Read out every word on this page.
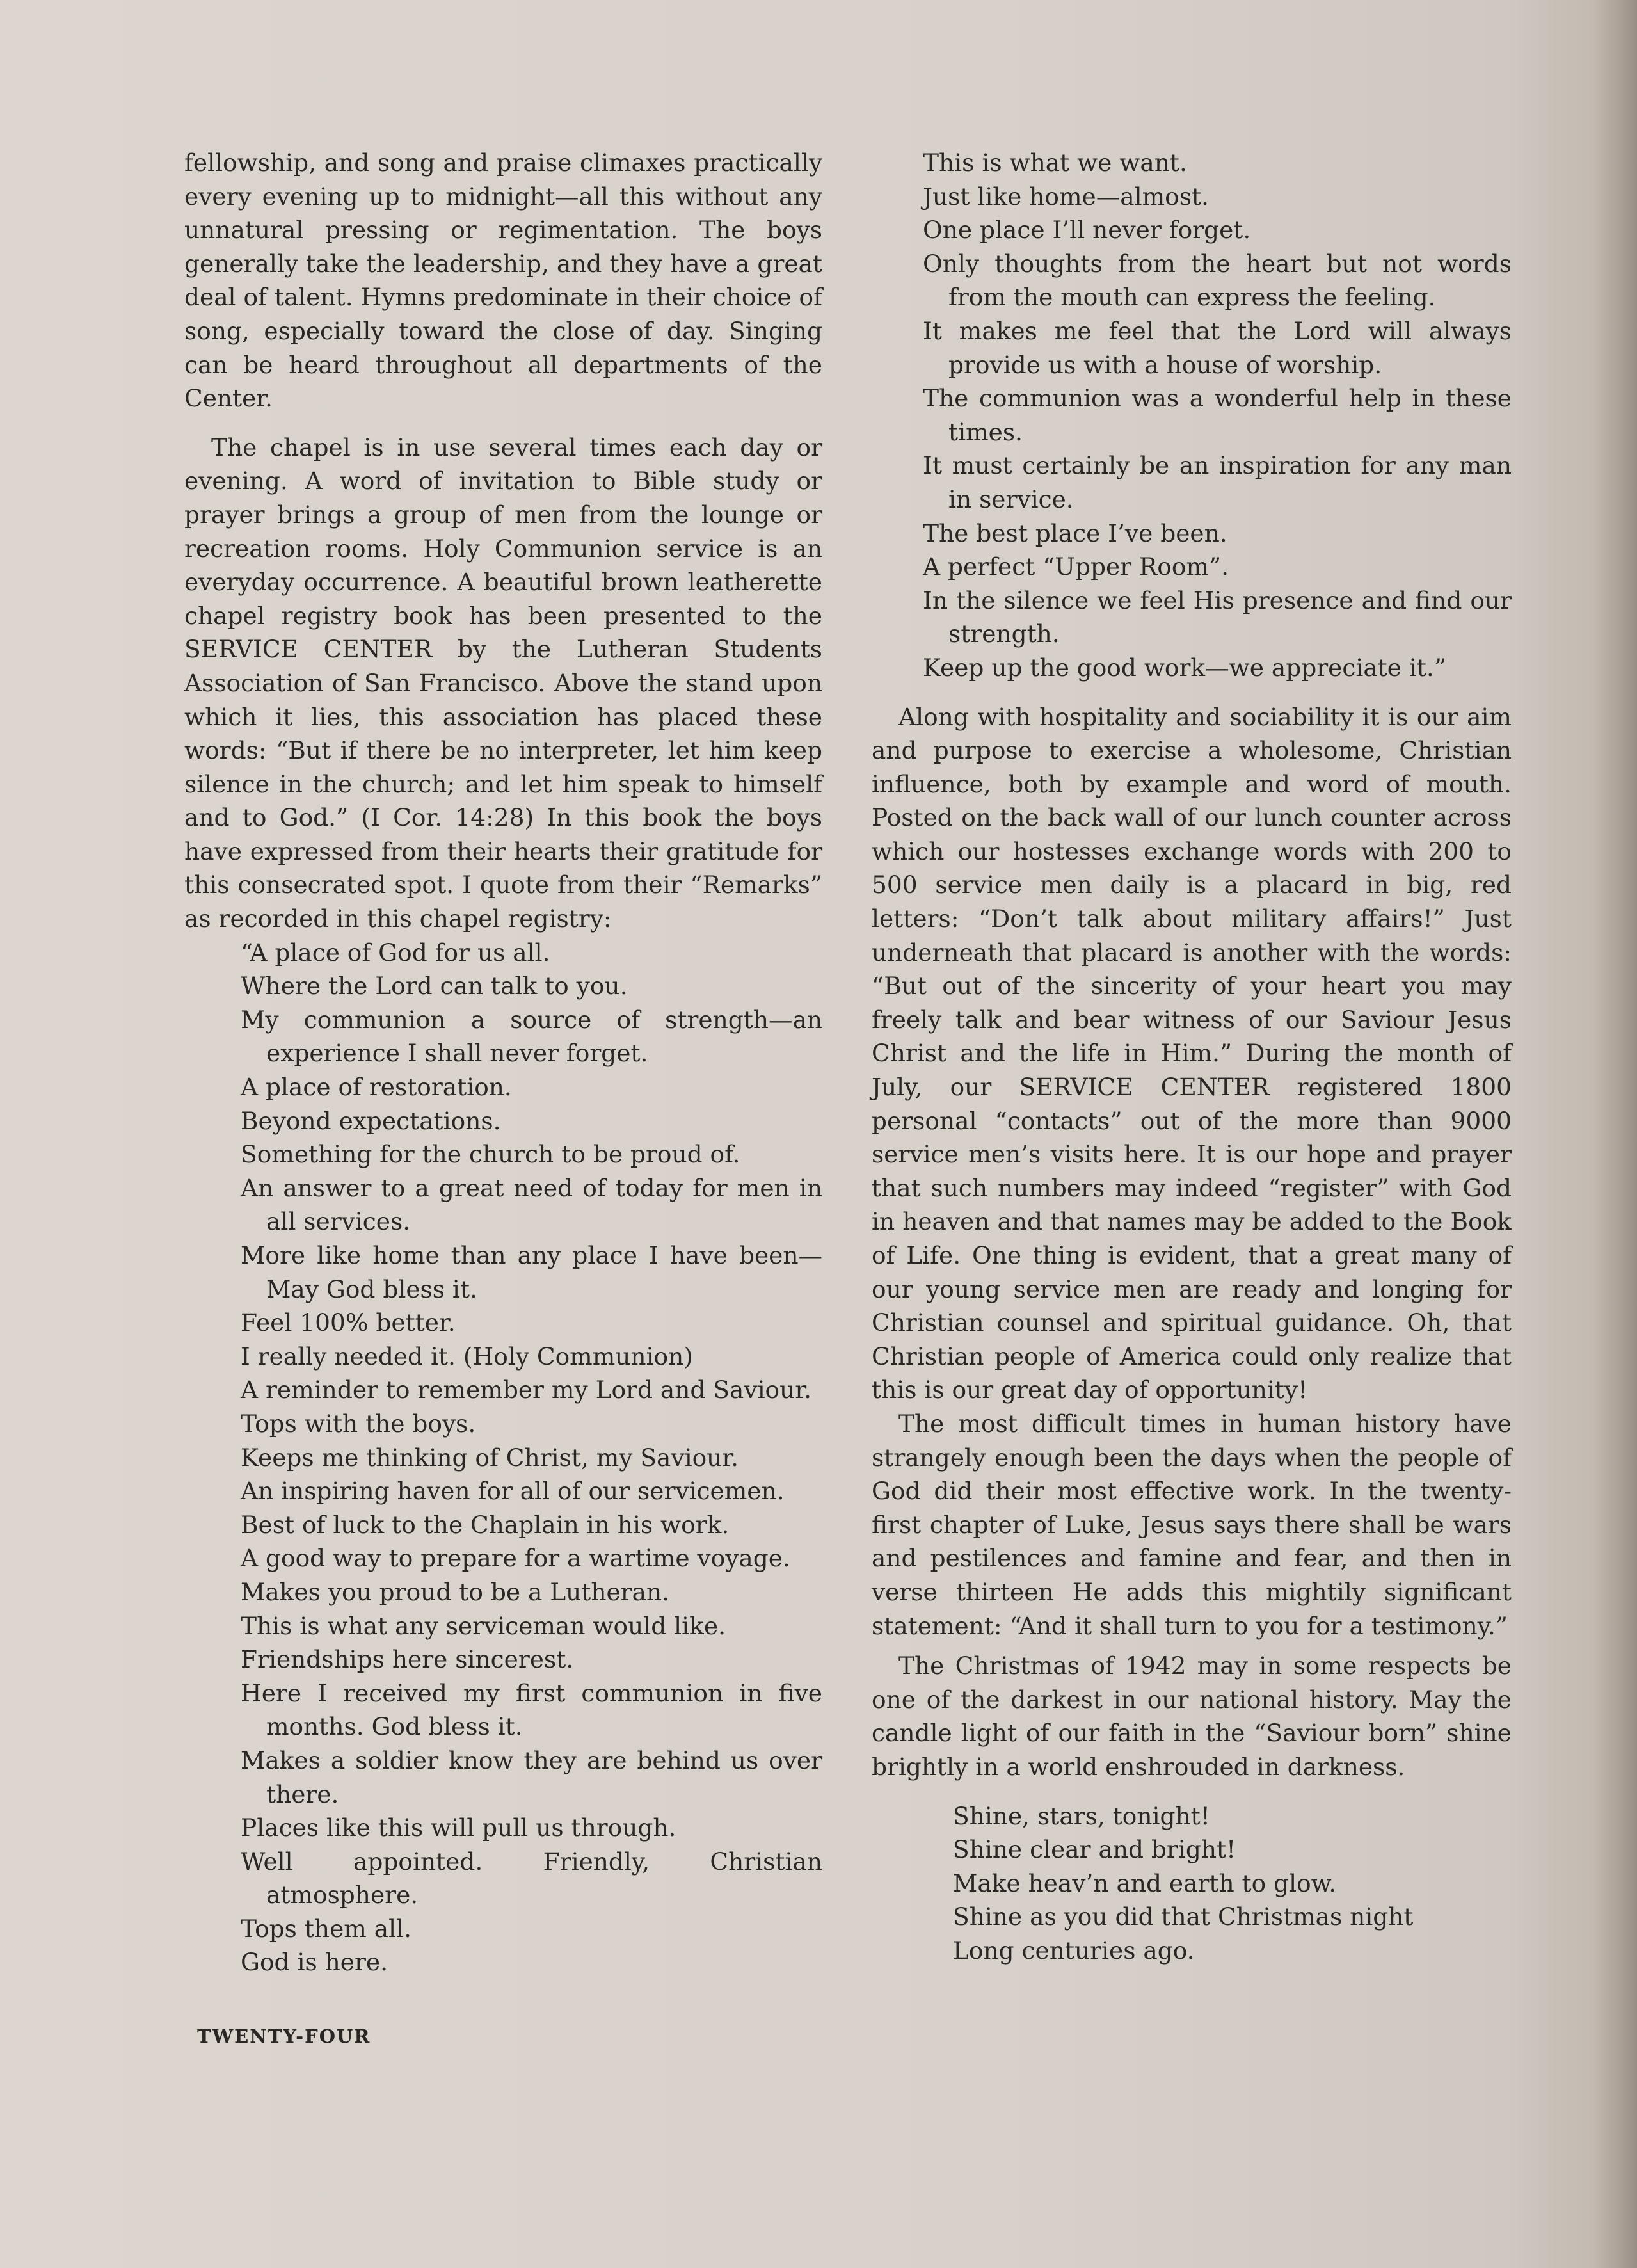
fellowship, and song and praise climaxes practically every evening up to midnight—all this without any unnatural pressing or regimentation. The boys generally take the leadership, and they have a great deal of talent. Hymns predominate in their choice of song, especially toward the close of day. Singing can be heard throughout all departments of the Center.

The chapel is in use several times each day or evening. A word of invitation to Bible study or prayer brings a group of men from the lounge or recreation rooms. Holy Communion service is an everyday occurrence. A beautiful brown leatherette chapel registry book has been presented to the SERVICE CENTER by the Lutheran Students Association of San Francisco. Above the stand upon which it lies, this association has placed these words: “But if there be no interpreter, let him keep silence in the church; and let him speak to himself and to God.” (I Cor. 14:28) In this book the boys have expressed from their hearts their gratitude for this consecrated spot. I quote from their “Remarks” as recorded in this chapel registry:

“A place of God for us all.
Where the Lord can talk to you.
My communion a source of strength—an experience I shall never forget.
A place of restoration.
Beyond expectations.
Something for the church to be proud of.
An answer to a great need of today for men in all services.
More like home than any place I have been—May God bless it.
Feel 100% better.
I really needed it. (Holy Communion)
A reminder to remember my Lord and Saviour.
Tops with the boys.
Keeps me thinking of Christ, my Saviour.
An inspiring haven for all of our servicemen.
Best of luck to the Chaplain in his work.
A good way to prepare for a wartime voyage.
Makes you proud to be a Lutheran.
This is what any serviceman would like.
Friendships here sincerest.
Here I received my first communion in five months. God bless it.
Makes a soldier know they are behind us over there.
Places like this will pull us through.
Well appointed. Friendly, Christian atmosphere.
Tops them all.
God is here.
This is what we want.
Just like home—almost.
One place I’ll never forget.
Only thoughts from the heart but not words from the mouth can express the feeling.
It makes me feel that the Lord will always provide us with a house of worship.
The communion was a wonderful help in these times.
It must certainly be an inspiration for any man in service.
The best place I’ve been.
A perfect “Upper Room”.
In the silence we feel His presence and find our strength.
Keep up the good work—we appreciate it.”

Along with hospitality and sociability it is our aim and purpose to exercise a wholesome, Christian influence, both by example and word of mouth. Posted on the back wall of our lunch counter across which our hostesses exchange words with 200 to 500 service men daily is a placard in big, red letters: “Don’t talk about military affairs!” Just underneath that placard is another with the words: “But out of the sincerity of your heart you may freely talk and bear witness of our Saviour Jesus Christ and the life in Him.” During the month of July, our SERVICE CENTER registered 1800 personal “contacts” out of the more than 9000 service men’s visits here. It is our hope and prayer that such numbers may indeed “register” with God in heaven and that names may be added to the Book of Life. One thing is evident, that a great many of our young service men are ready and longing for Christian counsel and spiritual guidance. Oh, that Christian people of America could only realize that this is our great day of opportunity!

The most difficult times in human history have strangely enough been the days when the people of God did their most effective work. In the twenty-first chapter of Luke, Jesus says there shall be wars and pestilences and famine and fear, and then in verse thirteen He adds this mightily significant statement: “And it shall turn to you for a testimony.”

The Christmas of 1942 may in some respects be one of the darkest in our national history. May the candle light of our faith in the “Saviour born” shine brightly in a world enshrouded in darkness.

Shine, stars, tonight!
Shine clear and bright!
Make heav’n and earth to glow.
Shine as you did that Christmas night
Long centuries ago.
TWENTY-FOUR
